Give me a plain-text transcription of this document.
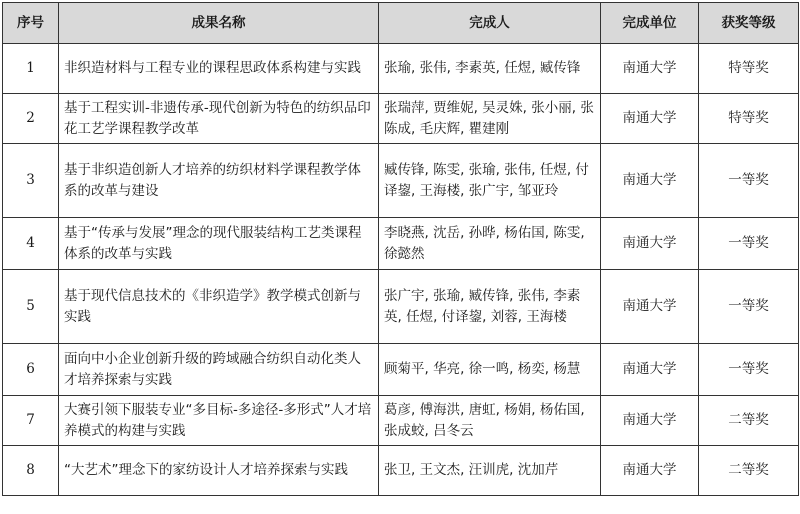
序号	成果名称	完成人	完成单位	获奖等级
1	非织造材料与工程专业的课程思政体系构建与实践	张瑜, 张伟, 李素英, 任煜, 臧传锋	南通大学	特等奖
2	基于工程实训-非遗传承-现代创新为特色的纺织品印花工艺学课程教学改革	张瑞萍, 贾维妮, 吴灵姝, 张小丽, 张陈成, 毛庆辉, 瞿建刚	南通大学	特等奖
3	基于非织造创新人才培养的纺织材料学课程教学体系的改革与建设	臧传锋, 陈雯, 张瑜, 张伟, 任煜, 付译鋆, 王海楼, 张广宇, 邹亚玲	南通大学	一等奖
4	基于“传承与发展”理念的现代服装结构工艺类课程体系的改革与实践	李晓燕, 沈岳, 孙晔, 杨佑国, 陈雯, 徐懿然	南通大学	一等奖
5	基于现代信息技术的《非织造学》教学模式创新与实践	张广宇, 张瑜, 臧传锋, 张伟, 李素英, 任煜, 付译鋆, 刘蓉, 王海楼	南通大学	一等奖
6	面向中小企业创新升级的跨域融合纺织自动化类人才培养探索与实践	顾菊平, 华亮, 徐一鸣, 杨奕, 杨慧	南通大学	一等奖
7	大赛引领下服装专业“多目标-多途径-多形式”人才培养模式的构建与实践	葛彦, 傅海洪, 唐虹, 杨娟, 杨佑国, 张成蛟, 吕冬云	南通大学	二等奖
8	“大艺术”理念下的家纺设计人才培养探索与实践	张卫, 王文杰, 汪训虎, 沈加芹	南通大学	二等奖
